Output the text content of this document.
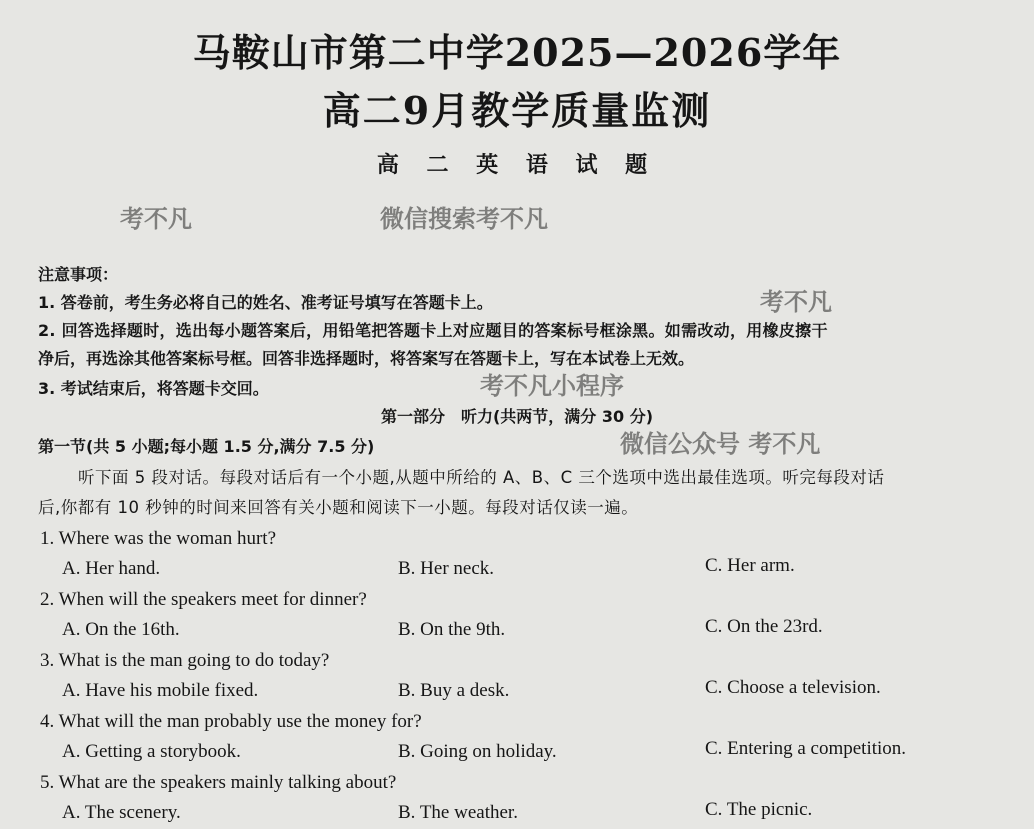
马鞍山市第二中学2025—2026学年
高二9月教学质量监测
高 二 英 语 试 题
注意事项：
1. 答卷前，考生务必将自己的姓名、准考证号填写在答题卡上。
2. 回答选择题时，选出每小题答案后，用铅笔把答题卡上对应题目的答案标号框涂黑。如需改动，用橡皮擦干
净后，再选涂其他答案标号框。回答非选择题时，将答案写在答题卡上，写在本试卷上无效。
3. 考试结束后，将答题卡交回。
第一部分　听力(共两节，满分 30 分)
第一节(共 5 小题;每小题 1.5 分,满分 7.5 分)
听下面 5 段对话。每段对话后有一个小题,从题中所给的 A、B、C 三个选项中选出最佳选项。听完每段对话
后,你都有 10 秒钟的时间来回答有关小题和阅读下一小题。每段对话仅读一遍。
1. Where was the woman hurt?
A. Her hand.	B. Her neck.	C. Her arm.
2. When will the speakers meet for dinner?
A. On the 16th.	B. On the 9th.	C. On the 23rd.
3. What is the man going to do today?
A. Have his mobile fixed.	B. Buy a desk.	C. Choose a television.
4. What will the man probably use the money for?
A. Getting a storybook.	B. Going on holiday.	C. Entering a competition.
5. What are the speakers mainly talking about?
A. The scenery.	B. The weather.	C. The picnic.
考不凡	微信搜索考不凡
考不凡
考不凡小程序
微信公众号 考不凡
